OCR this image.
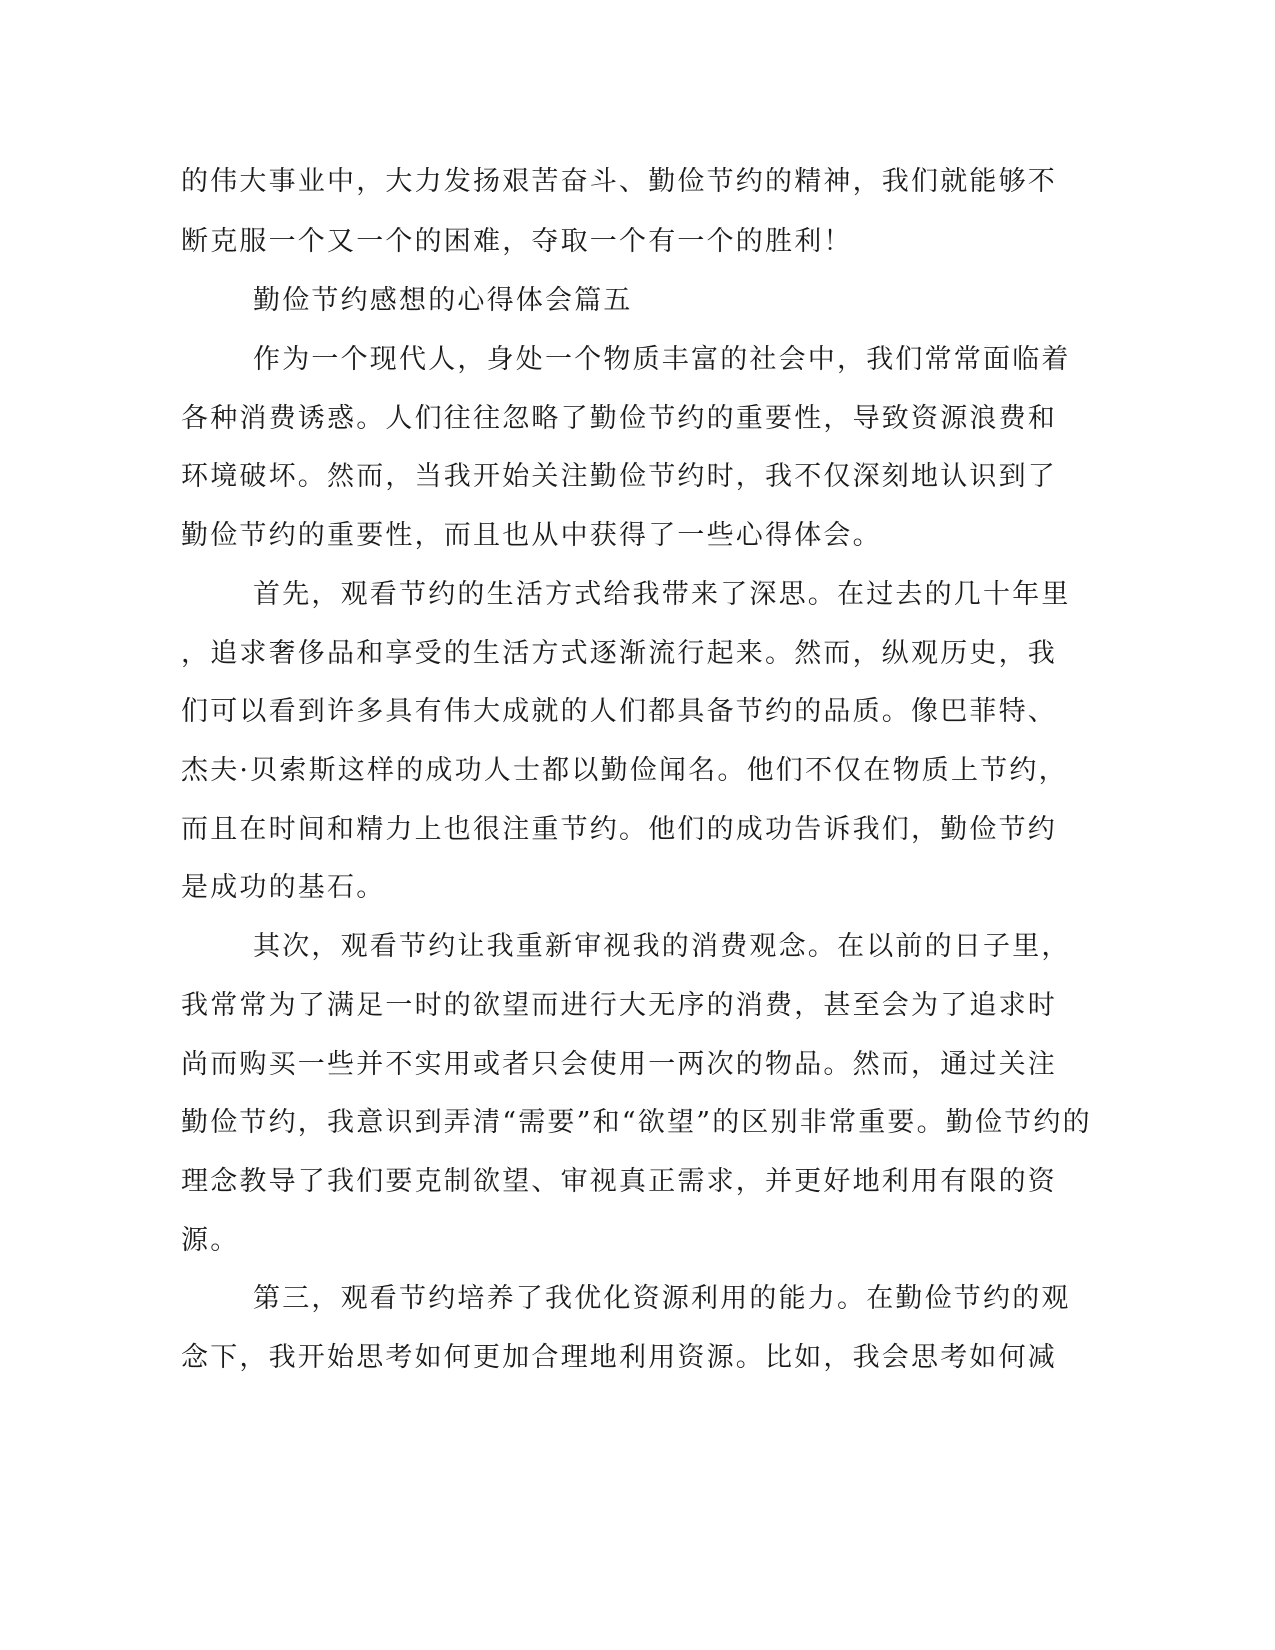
的伟大事业中，大力发扬艰苦奋斗、勤俭节约的精神，我们就能够不
断克服一个又一个的困难，夺取一个有一个的胜利！
勤俭节约感想的心得体会篇五
作为一个现代人，身处一个物质丰富的社会中，我们常常面临着
各种消费诱惑。人们往往忽略了勤俭节约的重要性，导致资源浪费和
环境破坏。然而，当我开始关注勤俭节约时，我不仅深刻地认识到了
勤俭节约的重要性，而且也从中获得了一些心得体会。
首先，观看节约的生活方式给我带来了深思。在过去的几十年里
，追求奢侈品和享受的生活方式逐渐流行起来。然而，纵观历史，我
们可以看到许多具有伟大成就的人们都具备节约的品质。像巴菲特、
杰夫·贝索斯这样的成功人士都以勤俭闻名。他们不仅在物质上节约，
而且在时间和精力上也很注重节约。他们的成功告诉我们，勤俭节约
是成功的基石。
其次，观看节约让我重新审视我的消费观念。在以前的日子里，
我常常为了满足一时的欲望而进行大无序的消费，甚至会为了追求时
尚而购买一些并不实用或者只会使用一两次的物品。然而，通过关注
勤俭节约，我意识到弄清“需要”和“欲望”的区别非常重要。勤俭节约的
理念教导了我们要克制欲望、审视真正需求，并更好地利用有限的资
源。
第三，观看节约培养了我优化资源利用的能力。在勤俭节约的观
念下，我开始思考如何更加合理地利用资源。比如，我会思考如何减
